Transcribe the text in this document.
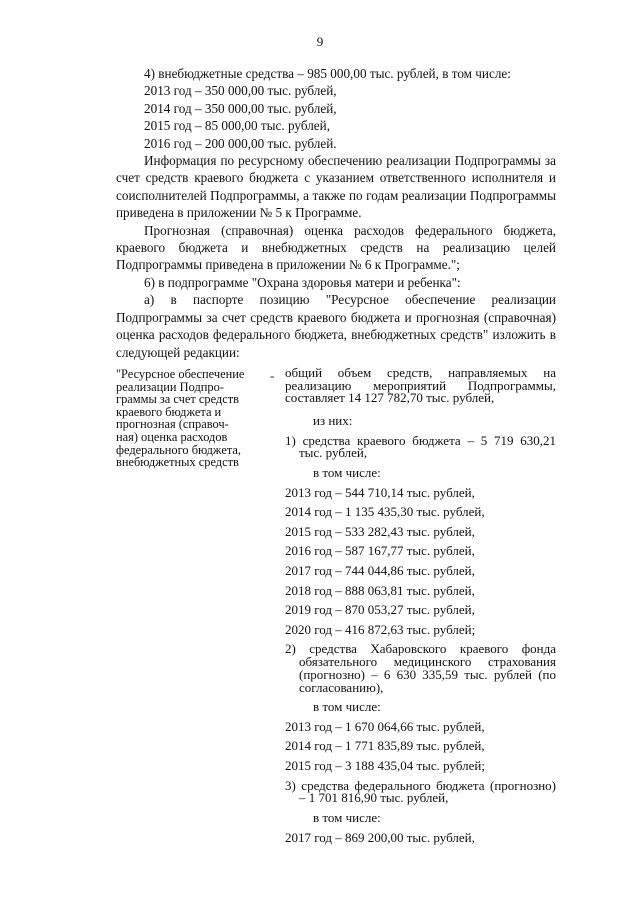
9

4) внебюджетные средства – 985 000,00 тыс. рублей, в том числе:

2013 год – 350 000,00 тыс. рублей,

2014 год – 350 000,00 тыс. рублей,

2015 год – 85 000,00 тыс. рублей,

2016 год – 200 000,00 тыс. рублей.

Информация по ресурсному обеспечению реализации Подпрограммы за счет средств краевого бюджета с указанием ответственного исполнителя и соисполнителей Подпрограммы, а также по годам реализации Подпрограммы приведена в приложении № 5 к Программе.

Прогнозная (справочная) оценка расходов федерального бюджета, краевого бюджета и внебюджетных средств на реализацию целей Подпрограммы приведена в приложении № 6 к Программе.";

6) в подпрограмме "Охрана здоровья матери и ребенка":

а) в паспорте позицию "Ресурсное обеспечение реализации Подпрограммы за счет средств краевого бюджета и прогнозная (справочная) оценка расходов федерального бюджета, внебюджетных средств" изложить в следующей редакции:

"Ресурсное обеспечение
реализации Подпро-
граммы за счет средств
краевого бюджета и
прогнозная (справоч-
ная) оценка расходов
федерального бюджета,
внебюджетных средств
- общий объем средств, направляемых на реализацию мероприятий Подпрограммы, составляет 14 127 782,70 тыс. рублей,

из них:

1) средства краевого бюджета – 5 719 630,21 тыс. рублей,

в том числе:

2013 год – 544 710,14 тыс. рублей,

2014 год – 1 135 435,30 тыс. рублей,

2015 год – 533 282,43 тыс. рублей,

2016 год – 587 167,77 тыс. рублей,

2017 год – 744 044,86 тыс. рублей,

2018 год – 888 063,81 тыс. рублей,

2019 год – 870 053,27 тыс. рублей,

2020 год – 416 872,63 тыс. рублей;

2) средства Хабаровского краевого фонда обязательного медицинского страхования (прогнозно) – 6 630 335,59 тыс. рублей (по согласованию),

в том числе:

2013 год – 1 670 064,66 тыс. рублей,

2014 год – 1 771 835,89 тыс. рублей,

2015 год – 3 188 435,04 тыс. рублей;

3) средства федерального бюджета (прогнозно) – 1 701 816,90 тыс. рублей,

в том числе:

2017 год – 869 200,00 тыс. рублей,
